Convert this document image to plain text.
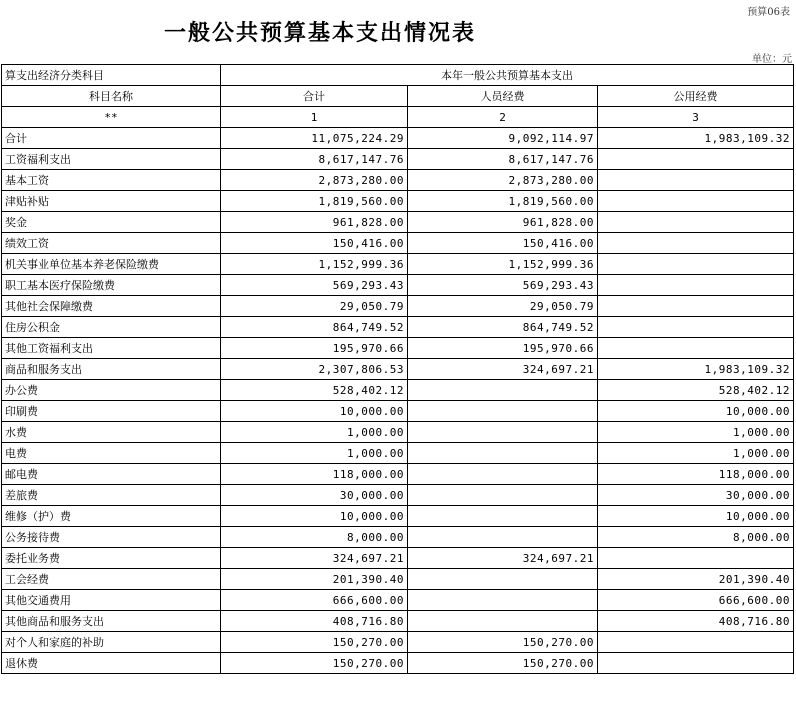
预算06表
一般公共预算基本支出情况表
单位：元
算支出经济分类科目	本年一般公共预算基本支出		
科目名称	合计	人员经费	公用经费
**	1	2	3
合计	11,075,224.29	9,092,114.97	1,983,109.32
工资福利支出	8,617,147.76	8,617,147.76	
基本工资	2,873,280.00	2,873,280.00	
津贴补贴	1,819,560.00	1,819,560.00	
奖金	961,828.00	961,828.00	
绩效工资	150,416.00	150,416.00	
机关事业单位基本养老保险缴费	1,152,999.36	1,152,999.36	
职工基本医疗保险缴费	569,293.43	569,293.43	
其他社会保障缴费	29,050.79	29,050.79	
住房公积金	864,749.52	864,749.52	
其他工资福利支出	195,970.66	195,970.66	
商品和服务支出	2,307,806.53	324,697.21	1,983,109.32
办公费	528,402.12		528,402.12
印刷费	10,000.00		10,000.00
水费	1,000.00		1,000.00
电费	1,000.00		1,000.00
邮电费	118,000.00		118,000.00
差旅费	30,000.00		30,000.00
维修（护）费	10,000.00		10,000.00
公务接待费	8,000.00		8,000.00
委托业务费	324,697.21	324,697.21	
工会经费	201,390.40		201,390.40
其他交通费用	666,600.00		666,600.00
其他商品和服务支出	408,716.80		408,716.80
对个人和家庭的补助	150,270.00	150,270.00	
退休费	150,270.00	150,270.00	
